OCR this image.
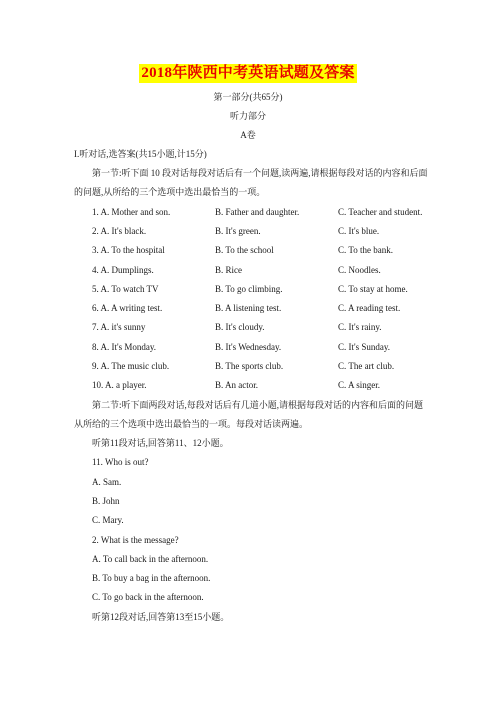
2018年陕西中考英语试题及答案
第一部分(共65分)
听力部分
A卷
I.听对话,选答案(共15小题,计15分)
第一节:听下面 10 段对话每段对话后有一个问题,读两遍,请根据每段对话的内容和后面
的问题,从所给的三个选项中选出最恰当的一项。
1. A. Mother and son.	B. Father and daughter.	C. Teacher and student.
2. A. It's black.	B. It's green.	C. It's blue.
3. A. To the hospital	B. To the school	C. To the bank.
4. A. Dumplings.	B. Rice	C. Noodles.
5. A. To watch TV	B. To go climbing.	C. To stay at home.
6. A. A writing test.	B. A listening test.	C. A reading test.
7. A. it's sunny	B. It's cloudy.	C. It's rainy.
8. A. It's Monday.	B. It's Wednesday.	C. It's Sunday.
9. A. The music club.	B. The sports club.	C. The art club.
10. A. a player.	B. An actor.	C. A singer.
第二节:听下面两段对话,每段对话后有几道小题,请根据每段对话的内容和后面的问题
从所给的三个选项中选出最恰当的一项。每段对话读两遍。
听第11段对话,回答第11、12小题。
11. Who is out?
A. Sam.
B. John
C. Mary.
2. What is the message?
A. To call back in the afternoon.
B. To buy a bag in the afternoon.
C. To go back in the afternoon.
听第12段对话,回答第13至15小题。
